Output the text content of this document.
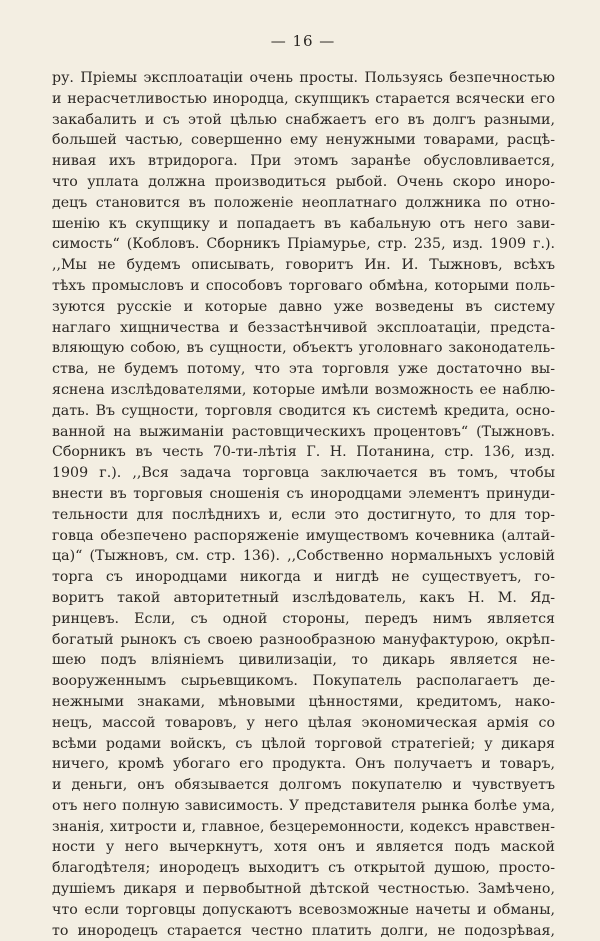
— 16 —
ру. Пріемы эксплоатаціи очень просты. Пользуясь безпечностью
и нерасчетливостью инородца, скупщикъ старается всячески его
закабалить и съ этой цѣлью снабжаетъ его въ долгъ разными,
большей частью, совершенно ему ненужными товарами, расцѣ-
нивая ихъ втридорога. При этомъ заранѣе обусловливается,
что уплата должна производиться рыбой. Очень скоро иноро-
децъ становится въ положеніе неоплатнаго должника по отно-
шенію къ скупщику и попадаетъ въ кабальную отъ него зави-
симость“ (Кобловъ. Сборникъ Пріамурье, стр. 235, изд. 1909 г.).
,,Мы не будемъ описывать, говоритъ Ин. И. Тыжновъ, всѣхъ
тѣхъ промысловъ и способовъ торговаго обмѣна, которыми поль-
зуются русскіе и которые давно уже возведены въ систему
наглаго хищничества и беззастѣнчивой эксплоатаціи, предста-
вляющую собою, въ сущности, объектъ уголовнаго законодатель-
ства, не будемъ потому, что эта торговля уже достаточно вы-
яснена изслѣдователями, которые имѣли возможность ее наблю-
дать. Въ сущности, торговля сводится къ системѣ кредита, осно-
ванной на выжиманіи растовщическихъ процентовъ“ (Тыжновъ.
Сборникъ въ честь 70-ти-лѣтія Г. Н. Потанина, стр. 136, изд.
1909 г.). ,,Вся задача торговца заключается въ томъ, чтобы
внести въ торговыя сношенія съ инородцами элементъ принуди-
тельности для послѣднихъ и, если это достигнуто, то для тор-
говца обезпечено распоряженіе имуществомъ кочевника (алтай-
ца)“ (Тыжновъ, см. стр. 136). ,,Собственно нормальныхъ условій
торга съ инородцами никогда и нигдѣ не существуетъ, го-
воритъ такой авторитетный изслѣдователь, какъ Н. М. Яд-
ринцевъ. Если, съ одной стороны, передъ нимъ является
богатый рынокъ съ своею разнообразною мануфактурою, окрѣп-
шею подъ вліяніемъ цивилизаціи, то дикарь является не-
вооруженнымъ сырьевщикомъ. Покупатель располагаетъ де-
нежными знаками, мѣновыми цѣнностями, кредитомъ, нако-
нецъ, массой товаровъ, у него цѣлая экономическая армія со
всѣми родами войскъ, съ цѣлой торговой стратегіей; у дикаря
ничего, кромѣ убогаго его продукта. Онъ получаетъ и товаръ,
и деньги, онъ обязывается долгомъ покупателю и чувствуетъ
отъ него полную зависимость. У представителя рынка болѣе ума,
знанія, хитрости и, главное, безцеремонности, кодексъ нравствен-
ности у него вычеркнутъ, хотя онъ и является подъ маской
благодѣтеля; инородецъ выходитъ съ открытой душою, просто-
душіемъ дикаря и первобытной дѣтской честностью. Замѣчено,
что если торговцы допускаютъ всевозможные начеты и обманы,
то инородецъ старается честно платить долги, не подозрѣвая,
